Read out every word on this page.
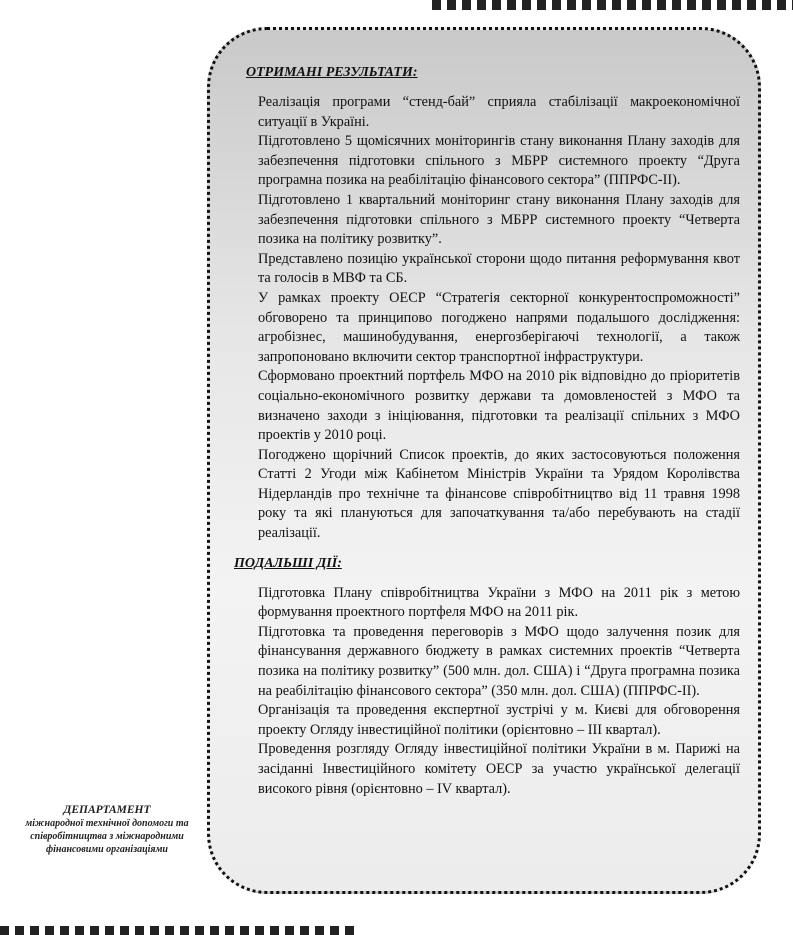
ОТРИМАНІ РЕЗУЛЬТАТИ:

Реалізація програми “стенд-бай” сприяла стабілізації макроекономічної ситуації в Україні.

Підготовлено 5 щомісячних моніторингів стану виконання Плану заходів для забезпечення підготовки спільного з МБРР системного проекту “Друга програмна позика на реабілітацію фінансового сектора” (ППРФС-ІІ).

Підготовлено 1 квартальний моніторинг стану виконання Плану заходів для забезпечення підготовки спільного з МБРР системного проекту “Четверта позика на політику розвитку”.

Представлено позицію української сторони щодо питання реформування квот та голосів в МВФ та СБ.

У рамках проекту ОЕСР “Стратегія секторної конкурентоспроможності” обговорено та принципово погоджено напрями подальшого дослідження: агробізнес, машинобудування, енергозберігаючі технології, а також запропоновано включити сектор транспортної інфраструктури.

Сформовано проектний портфель МФО на 2010 рік відповідно до пріоритетів соціально-економічного розвитку держави та домовленостей з МФО та визначено заходи з ініціювання, підготовки та реалізації спільних з МФО проектів у 2010 році.

Погоджено щорічний Список проектів, до яких застосовуються положення Статті 2 Угоди між Кабінетом Міністрів України та Урядом Королівства Нідерландів про технічне та фінансове співробітництво від 11 травня 1998 року та які плануються для започаткування та/або перебувають на стадії реалізації.

ПОДАЛЬШІ ДІЇ:

Підготовка Плану співробітництва України з МФО на 2011 рік з метою формування проектного портфеля МФО на 2011 рік.

Підготовка та проведення переговорів з МФО щодо залучення позик для фінансування державного бюджету в рамках системних проектів “Четверта позика на політику розвитку” (500 млн. дол. США) і “Друга програмна позика на реабілітацію фінансового сектора” (350 млн. дол. США) (ППРФС-ІІ).

Організація та проведення експертної зустрічі у м. Києві для обговорення проекту Огляду інвестиційної політики (орієнтовно – ІІІ квартал).

Проведення розгляду Огляду інвестиційної політики України в м. Парижі на засіданні Інвестиційного комітету ОЕСР за участю української делегації високого рівня (орієнтовно – IV квартал).

ДЕПАРТАМЕНТ
міжнародної технічної допомоги та співробітництва з міжнародними фінансовими організаціями
